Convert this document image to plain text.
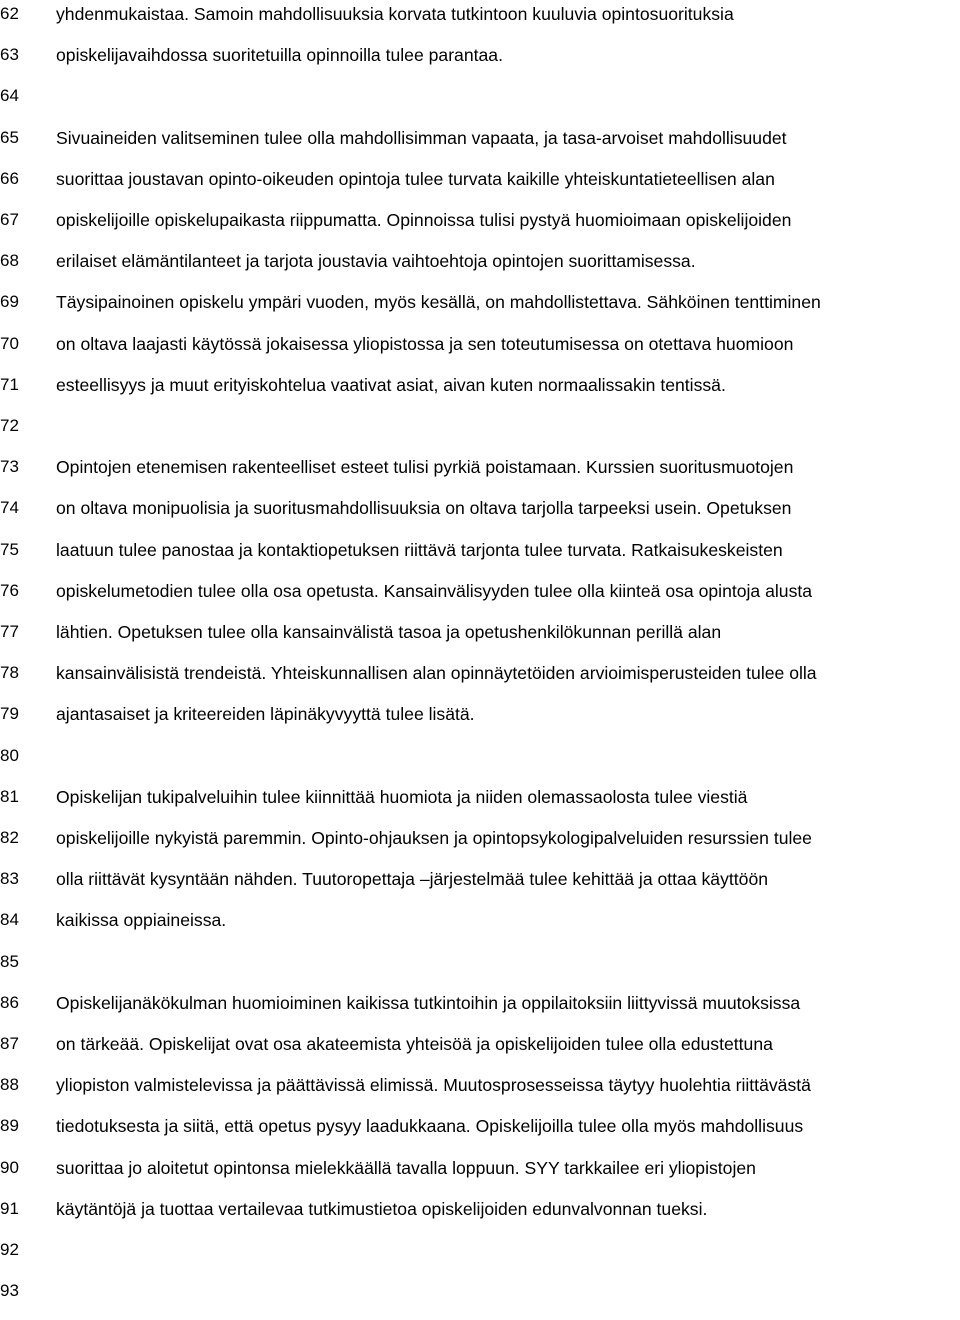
62	yhdenmukaistaa. Samoin mahdollisuuksia korvata tutkintoon kuuluvia opintosuorituksia
63	opiskelijavaihdossa suoritetuilla opinnoilla tulee parantaa.
64
65	Sivuaineiden valitseminen tulee olla mahdollisimman vapaata, ja tasa-arvoiset mahdollisuudet
66	suorittaa joustavan opinto-oikeuden opintoja tulee turvata kaikille yhteiskuntatieteellisen alan
67	opiskelijoille opiskelupaikasta riippumatta. Opinnoissa tulisi pystyä huomioimaan opiskelijoiden
68	erilaiset elämäntilanteet ja tarjota joustavia vaihtoehtoja opintojen suorittamisessa.
69	Täysipainoinen opiskelu ympäri vuoden, myös kesällä, on mahdollistettava. Sähköinen tenttiminen
70	on oltava laajasti käytössä jokaisessa yliopistossa ja sen toteutumisessa on otettava huomioon
71	esteellisyys ja muut erityiskohtelua vaativat asiat, aivan kuten normaalissakin tentissä.
72
73	Opintojen etenemisen rakenteelliset esteet tulisi pyrkiä poistamaan. Kurssien suoritusmuotojen
74	on oltava monipuolisia ja suoritusmahdollisuuksia on oltava tarjolla tarpeeksi usein. Opetuksen
75	laatuun tulee panostaa ja kontaktiopetuksen riittävä tarjonta tulee turvata. Ratkaisukeskeisten
76	opiskelumetodien tulee olla osa opetusta. Kansainvälisyyden tulee olla kiinteä osa opintoja alusta
77	lähtien. Opetuksen tulee olla kansainvälistä tasoa ja opetushenkilökunnan perillä alan
78	kansainvälisistä trendeistä. Yhteiskunnallisen alan opinnäytetöiden arvioimisperusteiden tulee olla
79	ajantasaiset ja kriteereiden läpinäkyvyyttä tulee lisätä.
80
81	Opiskelijan tukipalveluihin tulee kiinnittää huomiota ja niiden olemassaolosta tulee viestiä
82	opiskelijoille nykyistä paremmin. Opinto-ohjauksen ja opintopsykologipalveluiden resurssien tulee
83	olla riittävät kysyntään nähden. Tuutoropettaja –järjestelmää tulee kehittää ja ottaa käyttöön
84	kaikissa oppiaineissa.
85
86	Opiskelijanäkökulman huomioiminen kaikissa tutkintoihin ja oppilaitoksiin liittyvissä muutoksissa
87	on tärkeää. Opiskelijat ovat osa akateemista yhteisöä ja opiskelijoiden tulee olla edustettuna
88	yliopiston valmistelevissa ja päättävissä elimissä. Muutosprosesseissa täytyy huolehtia riittävästä
89	tiedotuksesta ja siitä, että opetus pysyy laadukkaana. Opiskelijoilla tulee olla myös mahdollisuus
90	suorittaa jo aloitetut opintonsa mielekkäällä tavalla loppuun. SYY tarkkailee eri yliopistojen
91	käytäntöjä ja tuottaa vertailevaa tutkimustietoa opiskelijoiden edunvalvonnan tueksi.
92
93
